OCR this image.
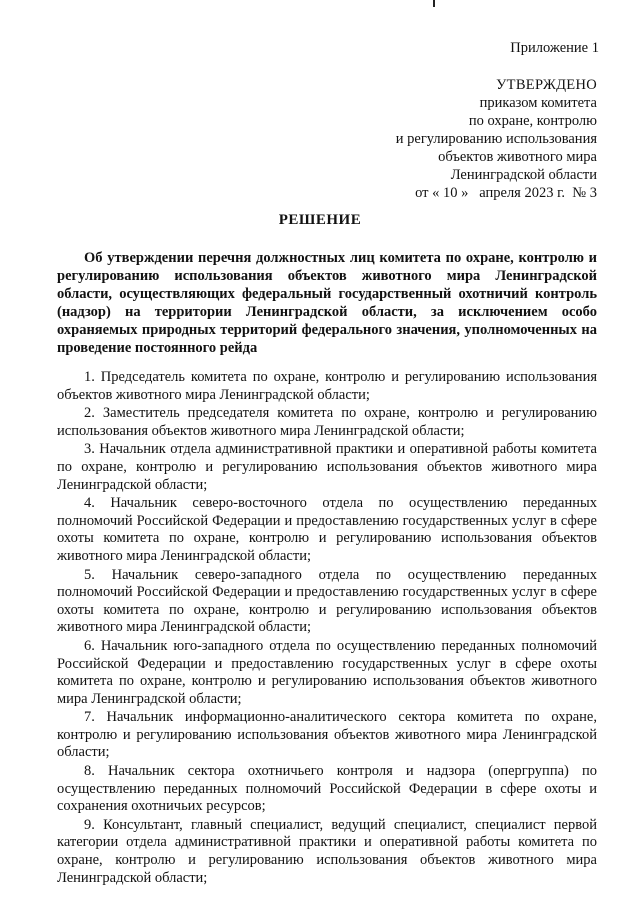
Приложение 1
УТВЕРЖДЕНО
приказом комитета
по охране, контролю
и регулированию использования
объектов животного мира
Ленинградской области
от « 10 »   апреля 2023 г.  № 3
РЕШЕНИЕ
Об утверждении перечня должностных лиц комитета по охране, контролю и регулированию использования объектов животного мира Ленинградской области, осуществляющих федеральный государственный охотничий контроль (надзор) на территории Ленинградской области, за исключением особо охраняемых природных территорий федерального значения, уполномоченных на проведение постоянного рейда

1. Председатель комитета по охране, контролю и регулированию использования объектов животного мира Ленинградской области;

2. Заместитель председателя комитета по охране, контролю и регулированию использования объектов животного мира Ленинградской области;

3. Начальник отдела административной практики и оперативной работы комитета по охране, контролю и регулированию использования объектов животного мира Ленинградской области;

4. Начальник северо-восточного отдела по осуществлению переданных полномочий Российской Федерации и предоставлению государственных услуг в сфере охоты комитета по охране, контролю и регулированию использования объектов животного мира Ленинградской области;

5. Начальник северо-западного отдела по осуществлению переданных полномочий Российской Федерации и предоставлению государственных услуг в сфере охоты комитета по охране, контролю и регулированию использования объектов животного мира Ленинградской области;

6. Начальник юго-западного отдела по осуществлению переданных полномочий Российской Федерации и предоставлению государственных услуг в сфере охоты комитета по охране, контролю и регулированию использования объектов животного мира Ленинградской области;

7. Начальник информационно-аналитического сектора комитета по охране, контролю и регулированию использования объектов животного мира Ленинградской области;

8. Начальник сектора охотничьего контроля и надзора (опергруппа) по осуществлению переданных полномочий Российской Федерации в сфере охоты и сохранения охотничьих ресурсов;

9. Консультант, главный специалист, ведущий специалист, специалист первой категории отдела административной практики и оперативной работы комитета по охране, контролю и регулированию использования объектов животного мира Ленинградской области;
